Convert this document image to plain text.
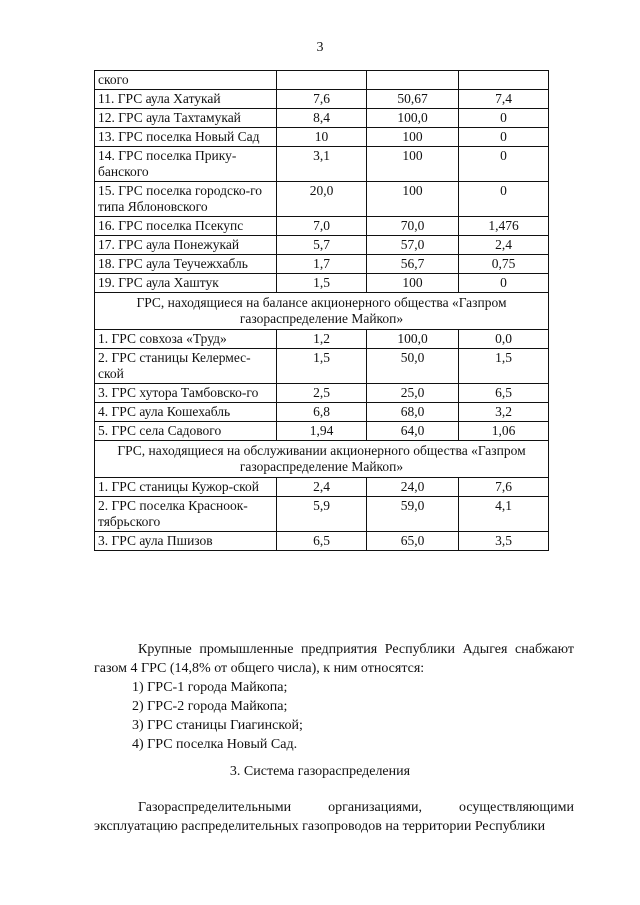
3
ского			
11. ГРС аула Хатукай	7,6	50,67	7,4
12. ГРС аула Тахтамукай	8,4	100,0	0
13. ГРС поселка Новый Сад	10	100	0
14. ГРС поселка Прику-банского	3,1	100	0
15. ГРС поселка городско-го типа Яблоновского	20,0	100	0
16. ГРС поселка Псекупс	7,0	70,0	1,476
17. ГРС аула Понежукай	5,7	57,0	2,4
18. ГРС аула Теучежхабль	1,7	56,7	0,75
19. ГРС аула Хаштук	1,5	100	0
ГРС, находящиеся на балансе акционерного общества «Газпром газораспределение Майкоп»			
1. ГРС совхоза «Труд»	1,2	100,0	0,0
2. ГРС станицы Келермес-ской	1,5	50,0	1,5
3. ГРС хутора Тамбовско-го	2,5	25,0	6,5
4. ГРС аула Кошехабль	6,8	68,0	3,2
5. ГРС села Садового	1,94	64,0	1,06
ГРС, находящиеся на обслуживании акционерного общества «Газпром газораспределение Майкоп»			
1. ГРС станицы Кужор-ской	2,4	24,0	7,6
2. ГРС поселка Красноок-тябрьского	5,9	59,0	4,1
3. ГРС аула Пшизов	6,5	65,0	3,5
Крупные промышленные предприятия Республики Адыгея снабжают газом 4 ГРС (14,8% от общего числа), к ним относятся:
1) ГРС-1 города Майкопа;
2) ГРС-2 города Майкопа;
3) ГРС станицы Гиагинской;
4) ГРС поселка Новый Сад.
3. Система газораспределения
Газораспределительными организациями, осуществляющими эксплуатацию распределительных газопроводов на территории Республики
